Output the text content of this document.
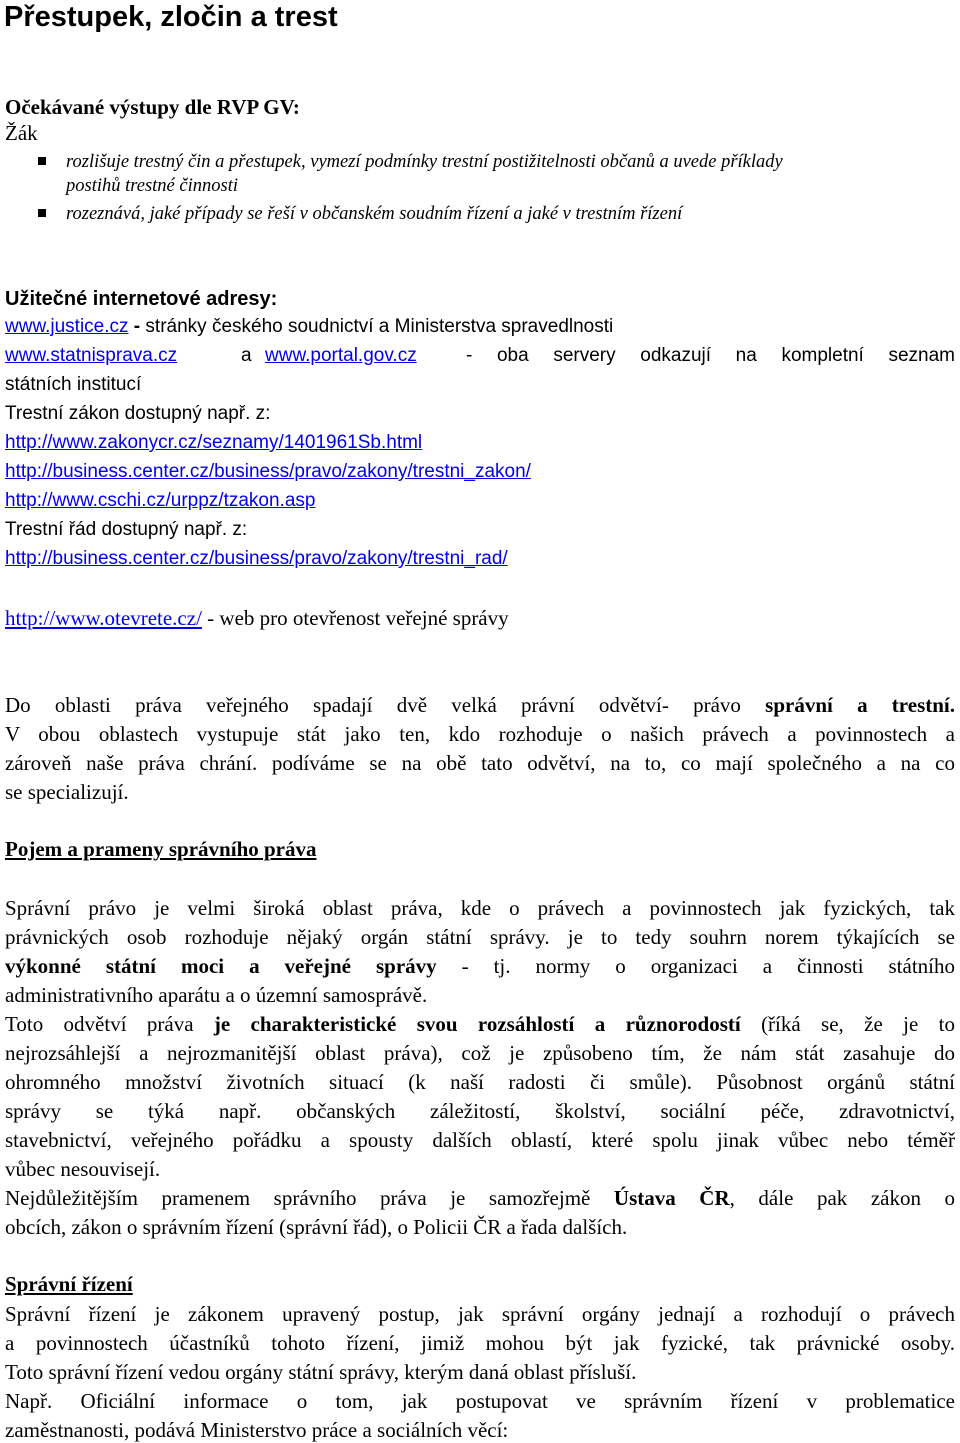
Přestupek, zločin a trest
Očekávané výstupy dle RVP GV:
Žák
rozlišuje trestný čin a přestupek, vymezí podmínky trestní postižitelnosti občanů a uvede příklady
postihů trestné činnosti
rozeznává, jaké případy se řeší v občanském soudním řízení a jaké v trestním řízení
Užitečné internetové adresy:
www.justice.cz - stránky českého soudnictví a Ministerstva spravedlnosti
www.statnisprava.cz	a www.portal.gov.cz	- oba servery odkazují na kompletní seznam
státních institucí
Trestní zákon dostupný např. z:
http://www.zakonycr.cz/seznamy/1401961Sb.html
http://business.center.cz/business/pravo/zakony/trestni_zakon/
http://www.cschi.cz/urppz/tzakon.asp
Trestní řád dostupný např. z:
http://business.center.cz/business/pravo/zakony/trestni_rad/
http://www.otevrete.cz/ - web pro otevřenost veřejné správy
Do oblasti práva veřejného spadají dvě velká právní odvětví- právo správní a trestní.
V obou oblastech vystupuje stát jako ten, kdo rozhoduje o našich právech a povinnostech a
zároveň naše práva chrání. podíváme se na obě tato odvětví, na to, co mají společného a na co
se specializují.
Pojem a prameny správního práva
Správní právo je velmi široká oblast práva, kde o právech a povinnostech jak fyzických, tak
právnických osob rozhoduje nějaký orgán státní správy. je to tedy souhrn norem týkajících se
výkonné státní moci a veřejné správy - tj. normy o organizaci a činnosti státního
administrativního aparátu a o územní samosprávě.
Toto odvětví práva je charakteristické svou rozsáhlostí a různorodostí (říká se, že je to
nejrozsáhlejší a nejrozmanitější oblast práva), což je způsobeno tím, že nám stát zasahuje do
ohromného množství životních situací (k naší radosti či smůle). Působnost orgánů státní
správy se týká např. občanských záležitostí, školství, sociální péče, zdravotnictví,
stavebnictví, veřejného pořádku a spousty dalších oblastí, které spolu jinak vůbec nebo téměř
vůbec nesouvisejí.
Nejdůležitějším pramenem správního práva je samozřejmě Ústava ČR, dále pak zákon o
obcích, zákon o správním řízení (správní řád), o Policii ČR a řada dalších.
Správní řízení
Správní řízení je zákonem upravený postup, jak správní orgány jednají a rozhodují o právech
a povinnostech účastníků tohoto řízení, jimiž mohou být jak fyzické, tak právnické osoby.
Toto správní řízení vedou orgány státní správy, kterým daná oblast přísluší.
Např. Oficiální informace o tom, jak postupovat ve správním řízení v problematice
zaměstnanosti, podává Ministerstvo práce a sociálních věcí:
